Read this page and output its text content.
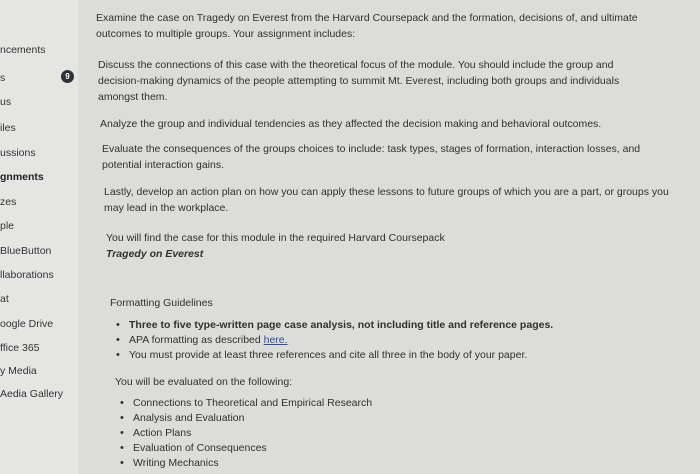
ncements
s	9
us
iles
ussions
gnments
zes
ple
BlueButton
llaborations
at
oogle Drive
ffice 365
y Media
Aedia Gallery
Examine the case on Tragedy on Everest from the Harvard Coursepack and the formation, decisions of, and ultimate outcomes to multiple groups. Your assignment includes:
Discuss the connections of this case with the theoretical focus of the module. You should include the group and decision-making dynamics of the people attempting to summit Mt. Everest, including both groups and individuals amongst them.
Analyze the group and individual tendencies as they affected the decision making and behavioral outcomes.
Evaluate the consequences of the groups choices to include: task types, stages of formation, interaction losses, and potential interaction gains.
Lastly, develop an action plan on how you can apply these lessons to future groups of which you are a part, or groups you may lead in the workplace.
You will find the case for this module in the required Harvard Coursepack
Tragedy on Everest
Formatting Guidelines
• Three to five type-written page case analysis, not including title and reference pages.
• APA formatting as described here.
• You must provide at least three references and cite all three in the body of your paper.
You will be evaluated on the following:
• Connections to Theoretical and Empirical Research
• Analysis and Evaluation
• Action Plans
• Evaluation of Consequences
• Writing Mechanics
